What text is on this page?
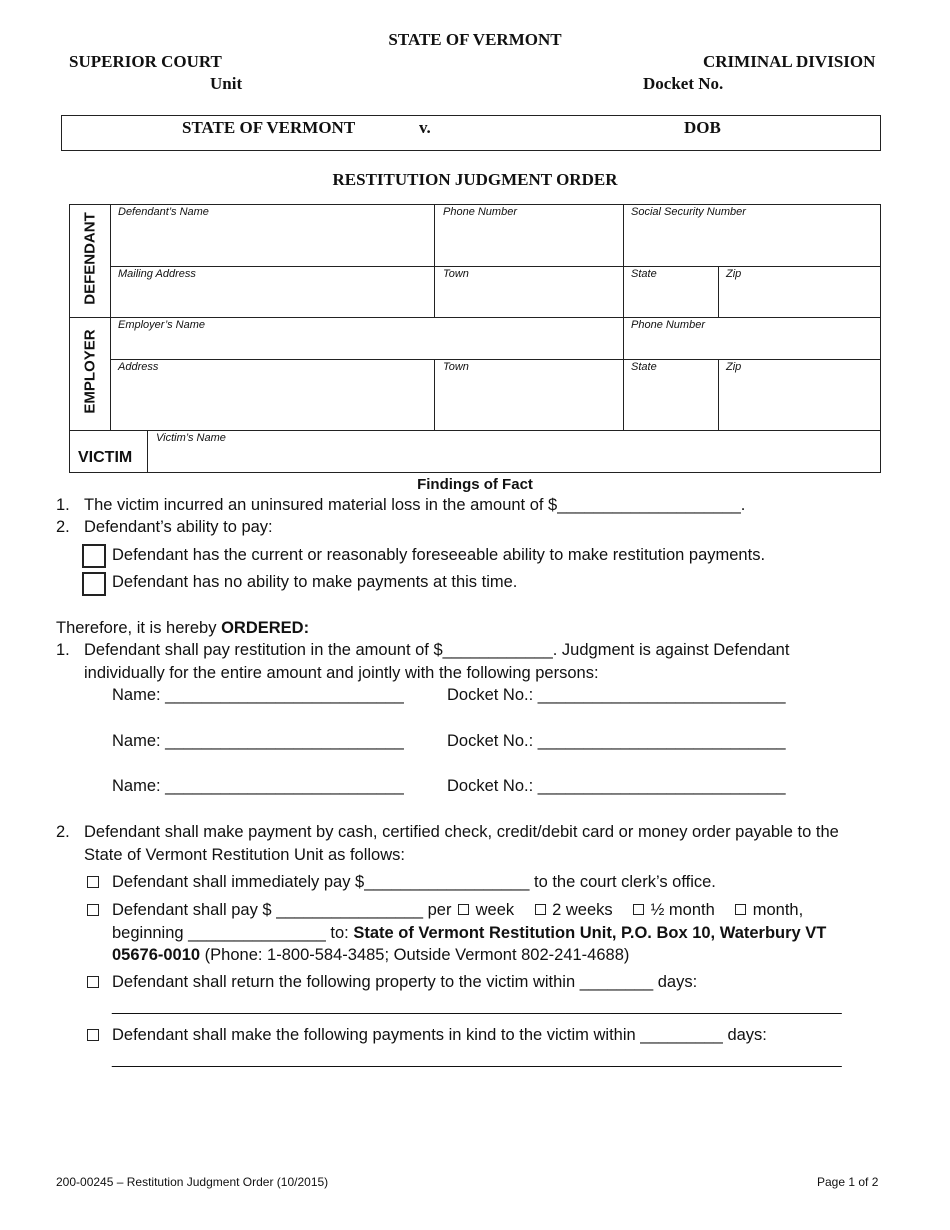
STATE OF VERMONT
SUPERIOR COURT	CRIMINAL DIVISION
Unit	Docket No.
STATE OF VERMONT	v.	DOB
RESTITUTION JUDGMENT ORDER
DEFENDANT
EMPLOYER
VICTIM
Defendant’s Name	Phone Number	Social Security Number
Mailing Address	Town	State	Zip
Employer’s Name	Phone Number
Address	Town	State	Zip
Victim’s Name
Findings of Fact
1. The victim incurred an uninsured material loss in the amount of $____________________.
2. Defendant’s ability to pay:
Defendant has the current or reasonably foreseeable ability to make restitution payments.
Defendant has no ability to make payments at this time.
Therefore, it is hereby ORDERED:
1. Defendant shall pay restitution in the amount of $____________. Judgment is against Defendant
individually for the entire amount and jointly with the following persons:
Name: __________________________	Docket No.: ___________________________
Name: __________________________	Docket No.: ___________________________
Name: __________________________	Docket No.: ___________________________
2. Defendant shall make payment by cash, certified check, credit/debit card or money order payable to the
State of Vermont Restitution Unit as follows:
Defendant shall immediately pay $__________________ to the court clerk’s office.
Defendant shall pay $ ________________ per week 2 weeks ½ month month,
beginning _______________ to: State of Vermont Restitution Unit, P.O. Box 10, Waterbury VT
05676-0010 (Phone: 1-800-584-3485; Outside Vermont 802-241-4688)
Defendant shall return the following property to the victim within ________ days:
__________________________________________________________________________________
Defendant shall make the following payments in kind to the victim within _________ days:
__________________________________________________________________________________
200-00245 – Restitution Judgment Order (10/2015)	Page 1 of 2
